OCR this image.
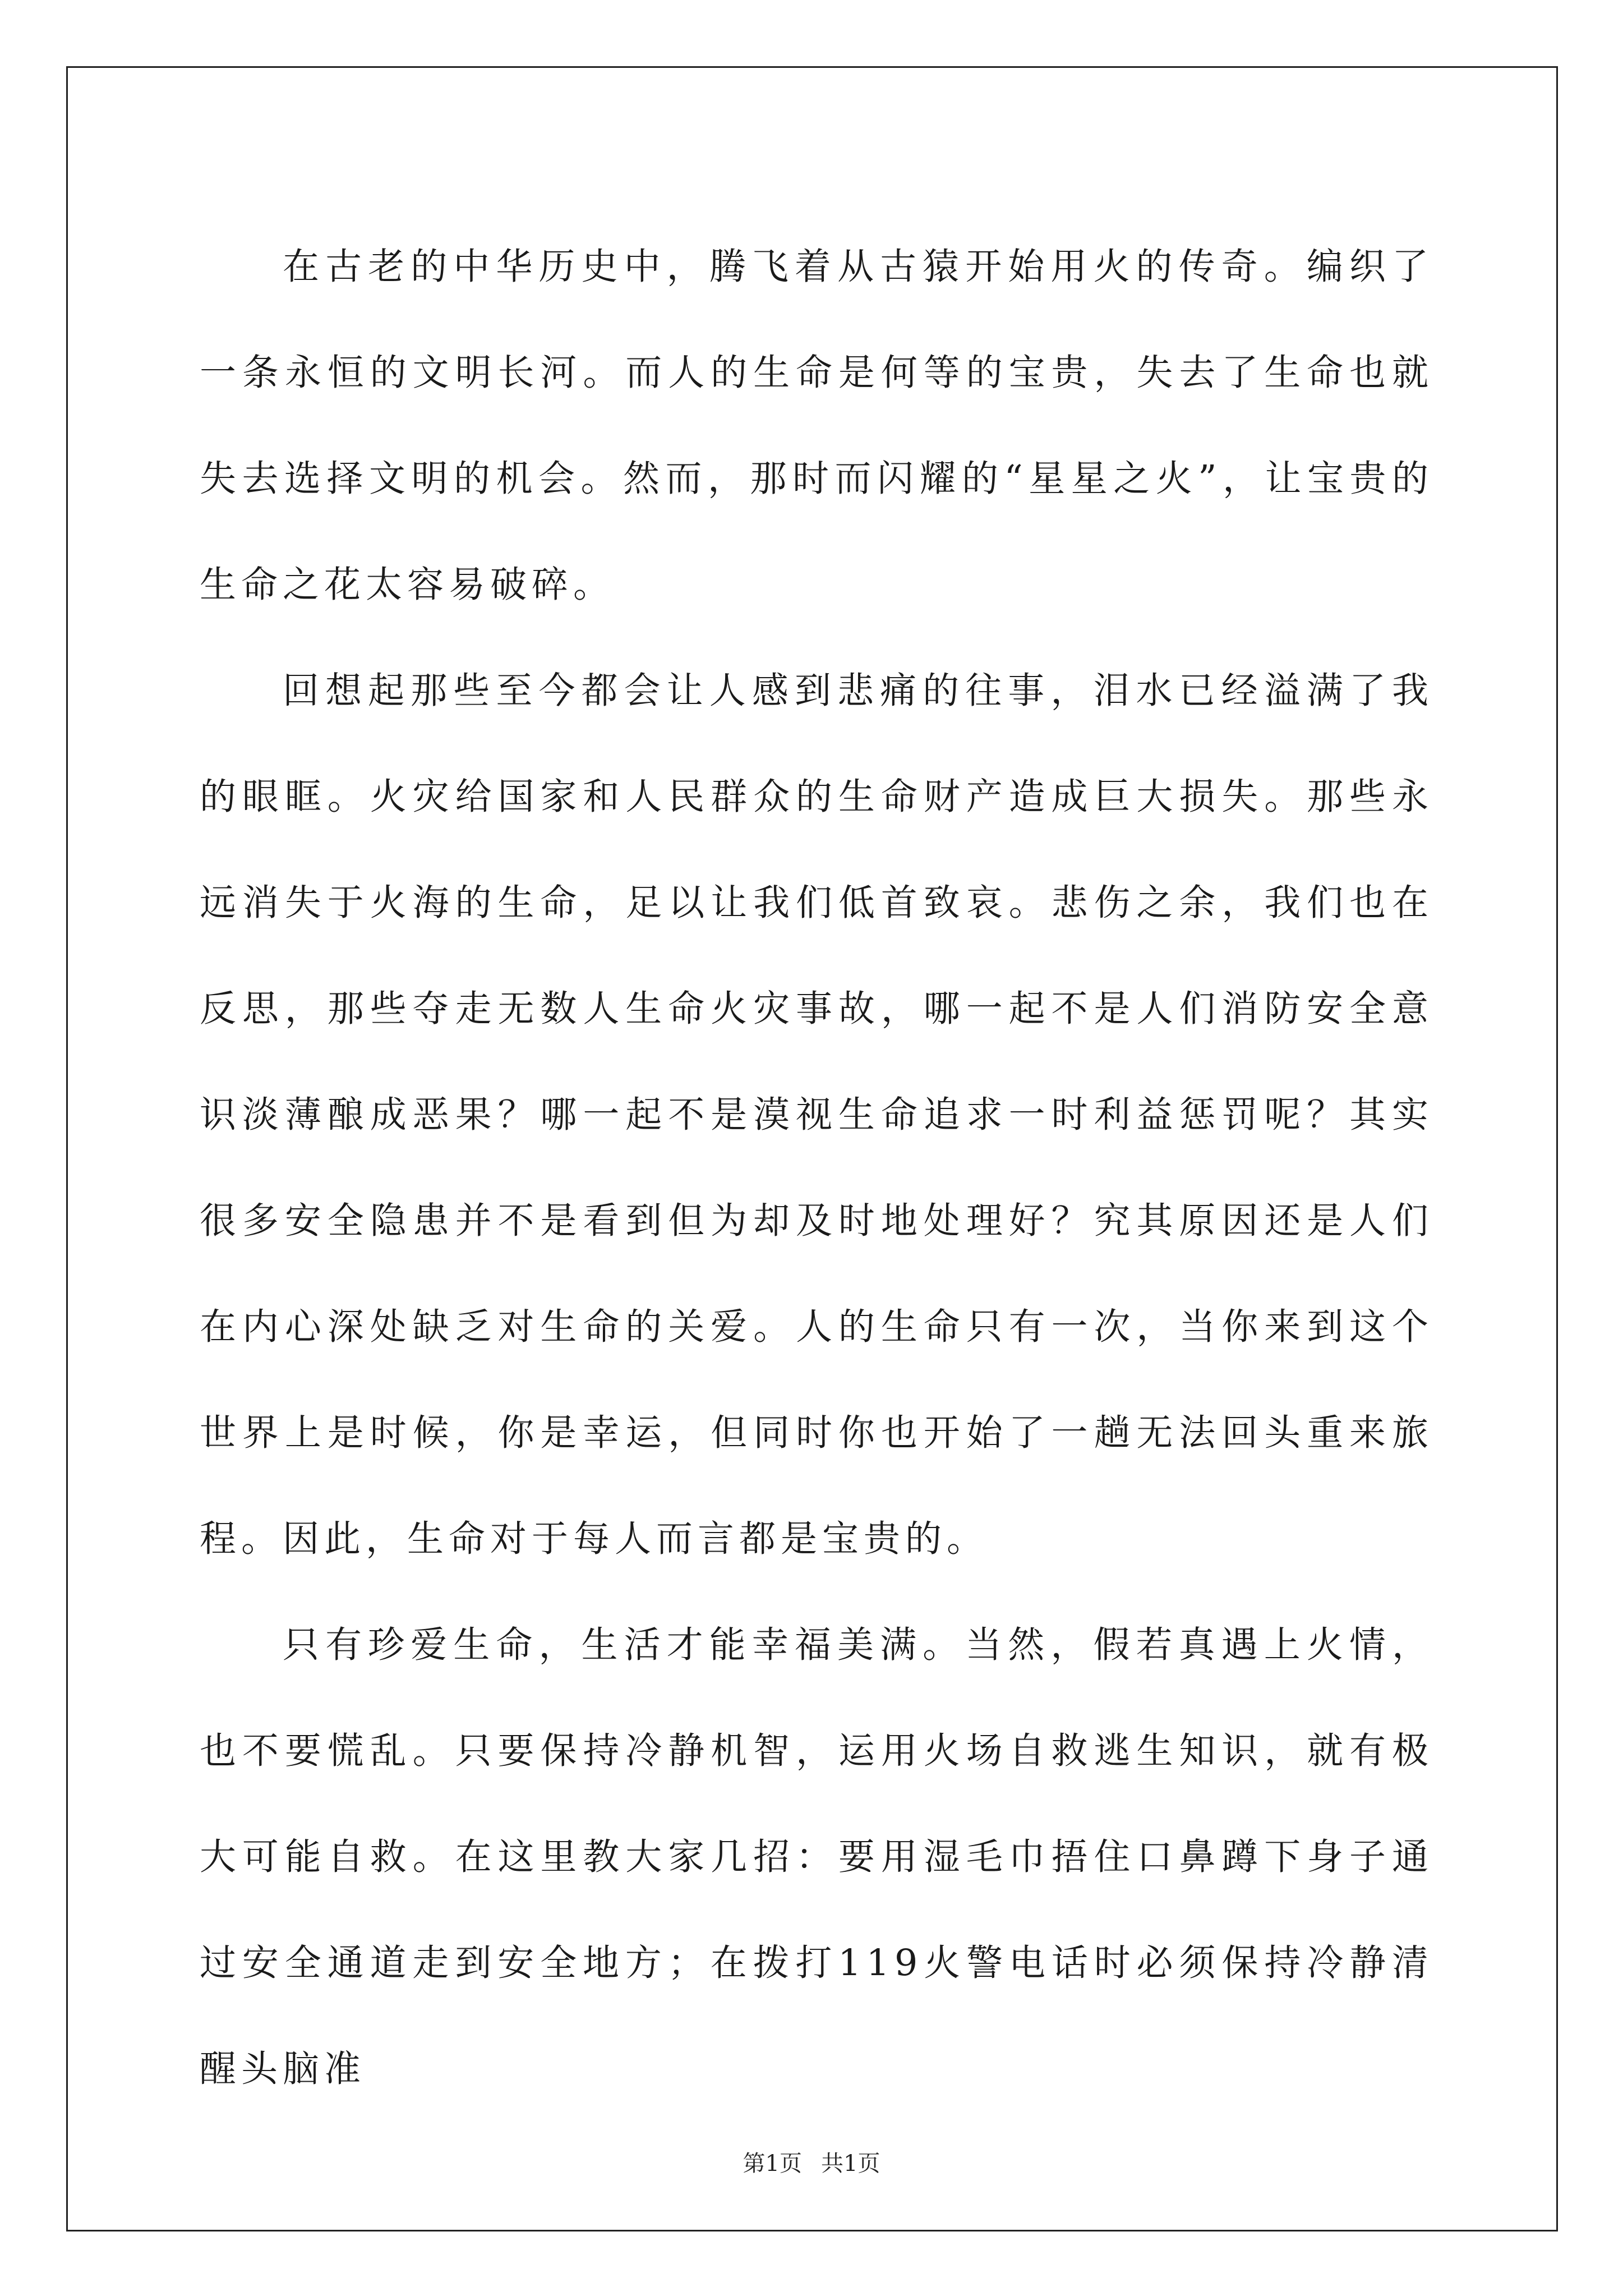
在古老的中华历史中，腾飞着从古猿开始用火的传奇。编织了一条永恒的文明长河。而人的生命是何等的宝贵，失去了生命也就失去选择文明的机会。然而，那时而闪耀的“星星之火”，让宝贵的生命之花太容易破碎。

回想起那些至今都会让人感到悲痛的往事，泪水已经溢满了我的眼眶。火灾给国家和人民群众的生命财产造成巨大损失。那些永远消失于火海的生命，足以让我们低首致哀。悲伤之余，我们也在反思，那些夺走无数人生命火灾事故，哪一起不是人们消防安全意识淡薄酿成恶果？哪一起不是漠视生命追求一时利益惩罚呢？其实很多安全隐患并不是看到但为却及时地处理好？究其原因还是人们在内心深处缺乏对生命的关爱。人的生命只有一次，当你来到这个世界上是时候，你是幸运，但同时你也开始了一趟无法回头重来旅程。因此，生命对于每人而言都是宝贵的。

只有珍爱生命，生活才能幸福美满。当然，假若真遇上火情，也不要慌乱。只要保持冷静机智，运用火场自救逃生知识，就有极大可能自救。在这里教大家几招：要用湿毛巾捂住口鼻蹲下身子通过安全通道走到安全地方；在拨打119火警电话时必须保持冷静清醒头脑准

第1页 共1页
